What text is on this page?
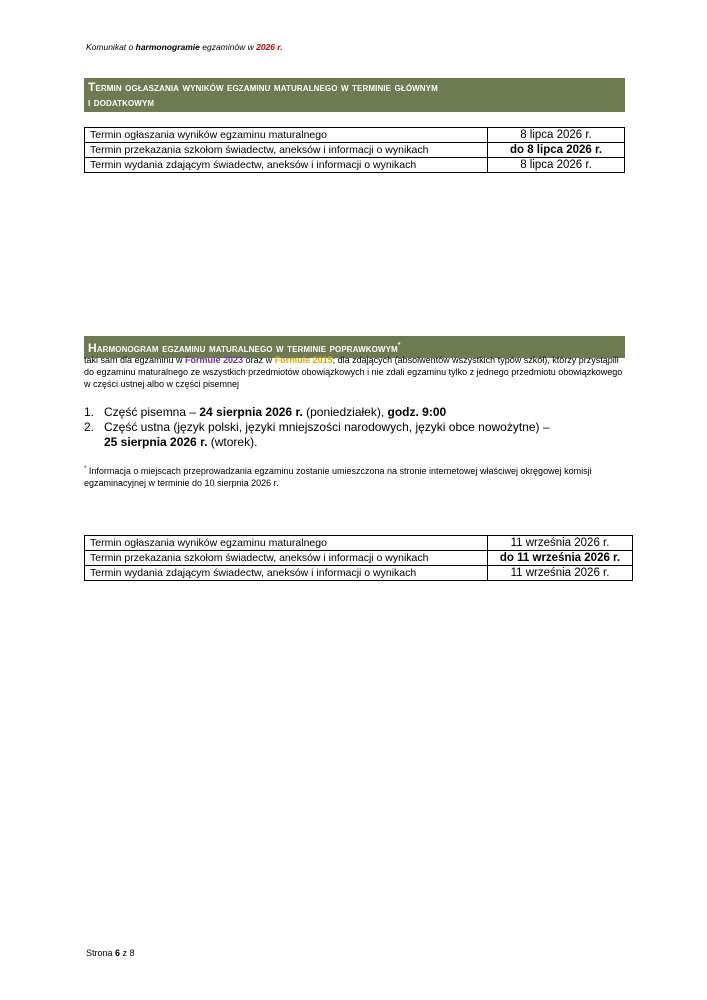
Komunikat o harmonogramie egzaminów w 2026 r.
Termin ogłaszania wyników egzaminu maturalnego w terminie głównym
i dodatkowym
Termin ogłaszania wyników egzaminu maturalnego	8 lipca 2026 r.
Termin przekazania szkołom świadectw, aneksów i informacji o wynikach	do 8 lipca 2026 r.
Termin wydania zdającym świadectw, aneksów i informacji o wynikach	8 lipca 2026 r.
Harmonogram egzaminu maturalnego w terminie poprawkowym*
taki sam dla egzaminu w Formule 2023 oraz w Formule 2015; dla zdających (absolwentów wszystkich typów szkół), którzy przystąpili do egzaminu maturalnego ze wszystkich przedmiotów obowiązkowych i nie zdali egzaminu tylko z jednego przedmiotu obowiązkowego w części ustnej albo w części pisemnej
1. Część pisemna – 24 sierpnia 2026 r. (poniedziałek), godz. 9:00
2. Część ustna (język polski, języki mniejszości narodowych, języki obce nowożytne) –
25 sierpnia 2026 r. (wtorek).
* Informacja o miejscach przeprowadzania egzaminu zostanie umieszczona na stronie internetowej właściwej okręgowej komisji egzaminacyjnej w terminie do 10 sierpnia 2026 r.
Termin ogłaszania wyników egzaminu maturalnego	11 września 2026 r.
Termin przekazania szkołom świadectw, aneksów i informacji o wynikach	do 11 września 2026 r.
Termin wydania zdającym świadectw, aneksów i informacji o wynikach	11 września 2026 r.
Strona 6 z 8
